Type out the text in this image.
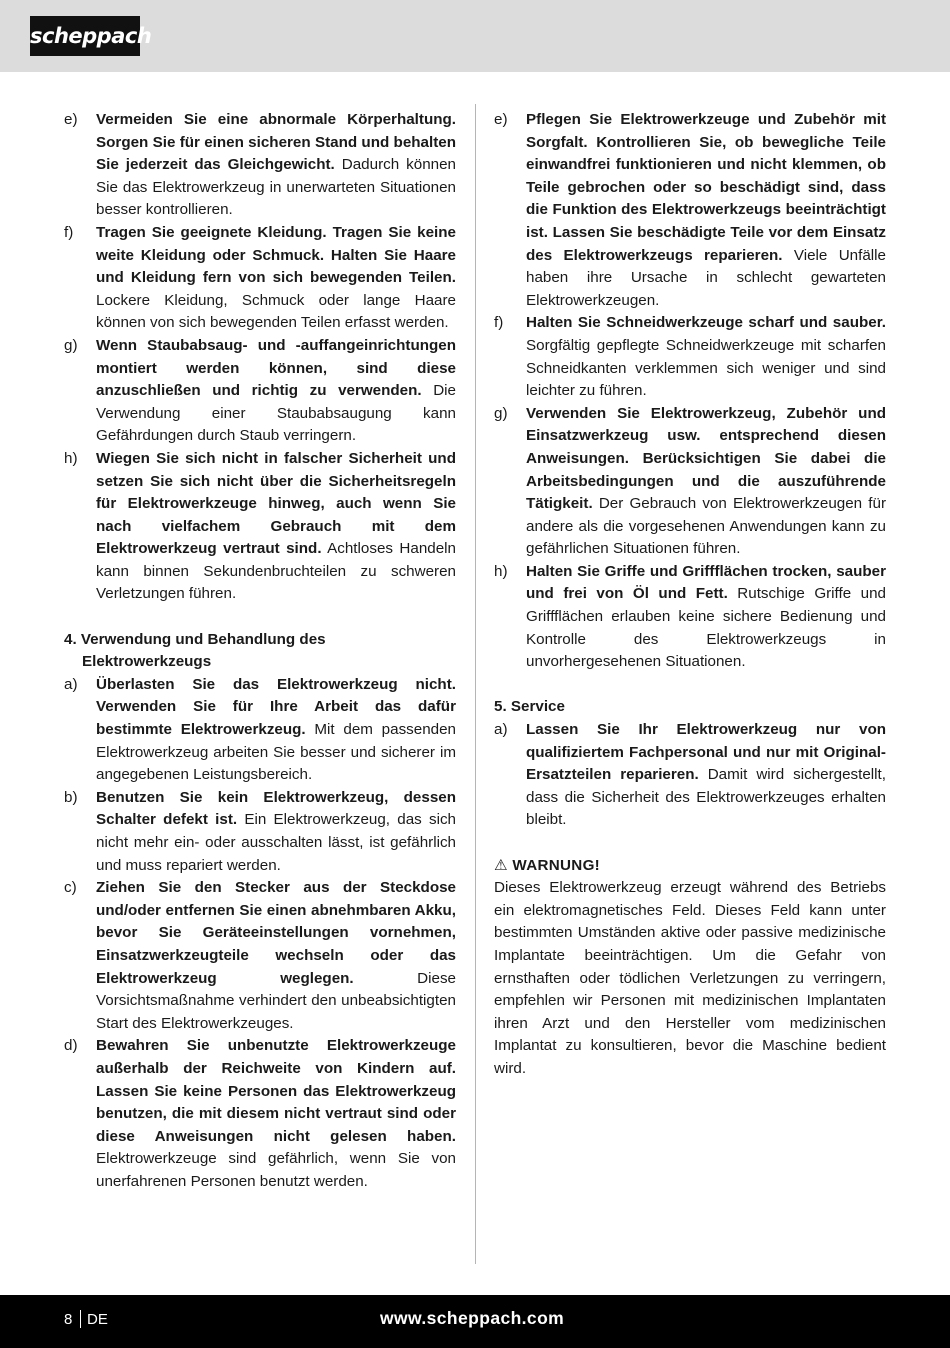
scheppach
e) Vermeiden Sie eine abnormale Körperhaltung. Sorgen Sie für einen sicheren Stand und behalten Sie jederzeit das Gleichgewicht. Dadurch können Sie das Elektrowerkzeug in unerwarteten Situationen besser kontrollieren.
f) Tragen Sie geeignete Kleidung. Tragen Sie keine weite Kleidung oder Schmuck. Halten Sie Haare und Kleidung fern von sich bewegenden Teilen. Lockere Kleidung, Schmuck oder lange Haare können von sich bewegenden Teilen erfasst werden.
g) Wenn Staubabsaug- und -auffangeinrichtungen montiert werden können, sind diese anzuschließen und richtig zu verwenden. Die Verwendung einer Staubabsaugung kann Gefährdungen durch Staub verringern.
h) Wiegen Sie sich nicht in falscher Sicherheit und setzen Sie sich nicht über die Sicherheitsregeln für Elektrowerkzeuge hinweg, auch wenn Sie nach vielfachem Gebrauch mit dem Elektrowerkzeug vertraut sind. Achtloses Handeln kann binnen Sekundenbruchteilen zu schweren Verletzungen führen.
4. Verwendung und Behandlung des Elektrowerkzeugs
a) Überlasten Sie das Elektrowerkzeug nicht. Verwenden Sie für Ihre Arbeit das dafür bestimmte Elektrowerkzeug. Mit dem passenden Elektrowerkzeug arbeiten Sie besser und sicherer im angegebenen Leistungsbereich.
b) Benutzen Sie kein Elektrowerkzeug, dessen Schalter defekt ist. Ein Elektrowerkzeug, das sich nicht mehr ein- oder ausschalten lässt, ist gefährlich und muss repariert werden.
c) Ziehen Sie den Stecker aus der Steckdose und/oder entfernen Sie einen abnehmbaren Akku, bevor Sie Geräteeinstellungen vornehmen, Einsatzwerkzeugteile wechseln oder das Elektrowerkzeug weglegen. Diese Vorsichtsmaßnahme verhindert den unbeabsichtigten Start des Elektrowerkzeuges.
d) Bewahren Sie unbenutzte Elektrowerkzeuge außerhalb der Reichweite von Kindern auf. Lassen Sie keine Personen das Elektrowerkzeug benutzen, die mit diesem nicht vertraut sind oder diese Anweisungen nicht gelesen haben. Elektrowerkzeuge sind gefährlich, wenn Sie von unerfahrenen Personen benutzt werden.
e) Pflegen Sie Elektrowerkzeuge und Zubehör mit Sorgfalt. Kontrollieren Sie, ob bewegliche Teile einwandfrei funktionieren und nicht klemmen, ob Teile gebrochen oder so beschädigt sind, dass die Funktion des Elektrowerkzeugs beeinträchtigt ist. Lassen Sie beschädigte Teile vor dem Einsatz des Elektrowerkzeugs reparieren. Viele Unfälle haben ihre Ursache in schlecht gewarteten Elektrowerkzeugen.
f) Halten Sie Schneidwerkzeuge scharf und sauber. Sorgfältig gepflegte Schneidwerkzeuge mit scharfen Schneidkanten verklemmen sich weniger und sind leichter zu führen.
g) Verwenden Sie Elektrowerkzeug, Zubehör und Einsatzwerkzeug usw. entsprechend diesen Anweisungen. Berücksichtigen Sie dabei die Arbeitsbedingungen und die auszuführende Tätigkeit. Der Gebrauch von Elektrowerkzeugen für andere als die vorgesehenen Anwendungen kann zu gefährlichen Situationen führen.
h) Halten Sie Griffe und Griffflächen trocken, sauber und frei von Öl und Fett. Rutschige Griffe und Griffflächen erlauben keine sichere Bedienung und Kontrolle des Elektrowerkzeugs in unvorhergesehenen Situationen.
5. Service
a) Lassen Sie Ihr Elektrowerkzeug nur von qualifiziertem Fachpersonal und nur mit Original-Ersatzteilen reparieren. Damit wird sichergestellt, dass die Sicherheit des Elektrowerkzeuges erhalten bleibt.
⚠ WARNUNG!
Dieses Elektrowerkzeug erzeugt während des Betriebs ein elektromagnetisches Feld. Dieses Feld kann unter bestimmten Umständen aktive oder passive medizinische Implantate beeinträchtigen. Um die Gefahr von ernsthaften oder tödlichen Verletzungen zu verringern, empfehlen wir Personen mit medizinischen Implantaten ihren Arzt und den Hersteller vom medizinischen Implantat zu konsultieren, bevor die Maschine bedient wird.
8 DE	www.scheppach.com
